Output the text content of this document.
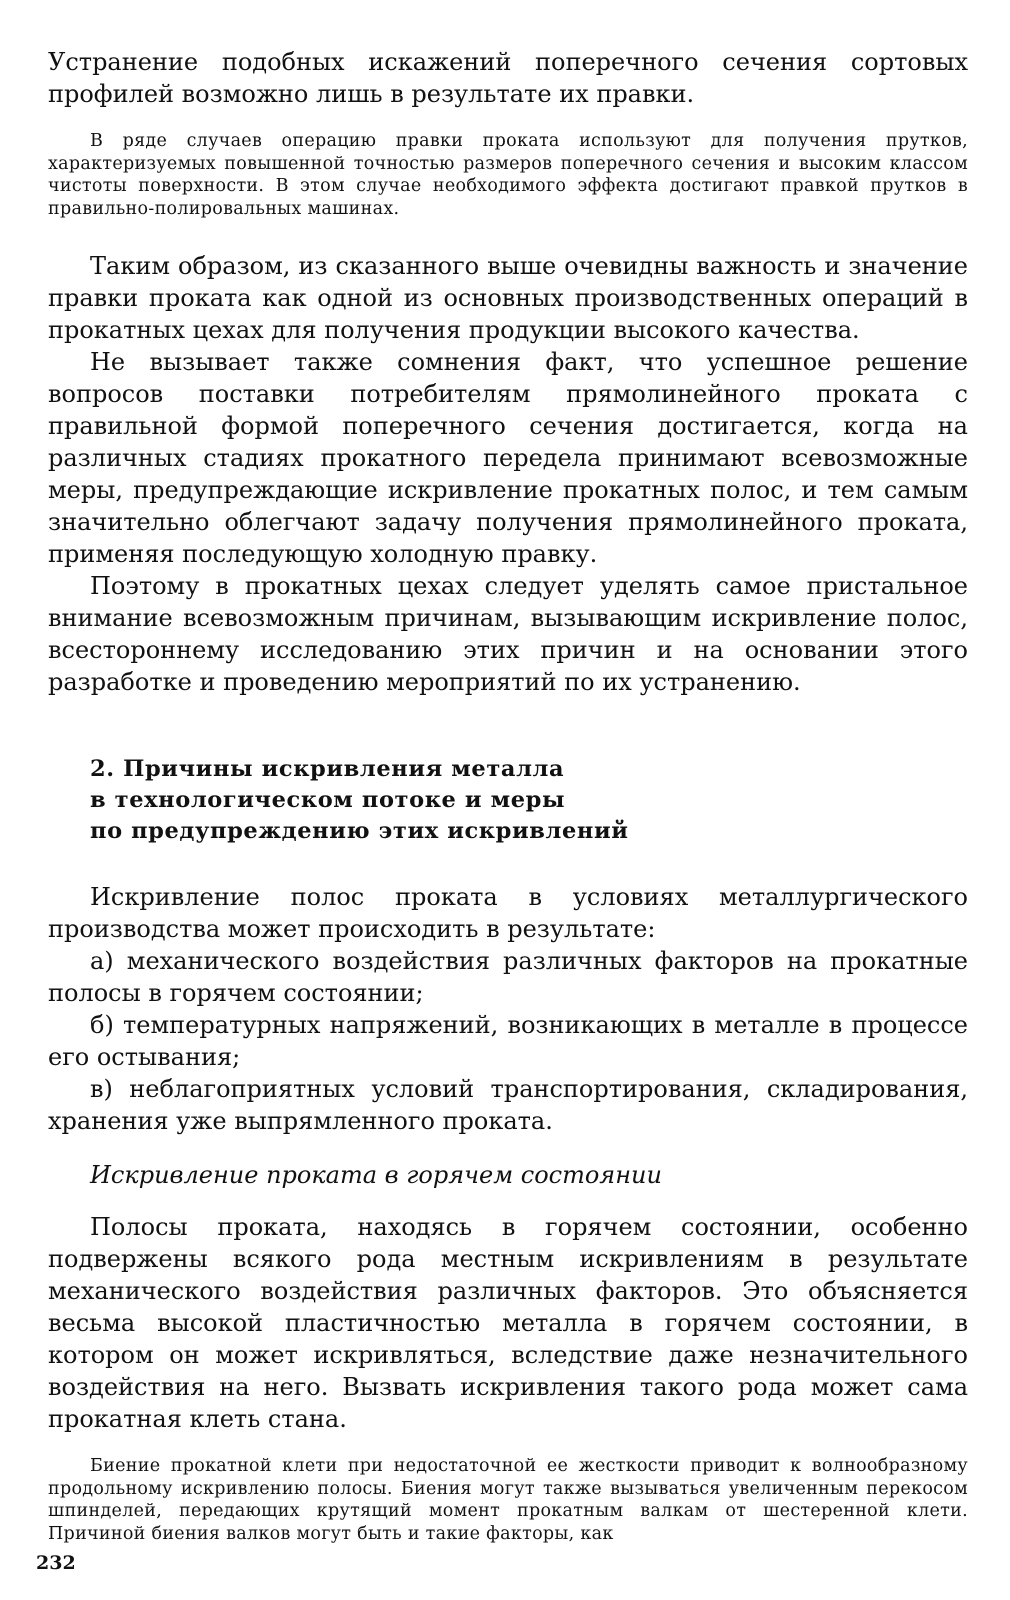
Устранение подобных искажений поперечного сечения сортовых профилей возможно лишь в результате их правки.

В ряде случаев операцию правки проката используют для получения прутков, характеризуемых повышенной точностью размеров поперечного сечения и высоким классом чистоты поверхности. В этом случае необходимого эффекта достигают правкой прутков в правильно-полировальных машинах.

Таким образом, из сказанного выше очевидны важность и значение правки проката как одной из основных производственных операций в прокатных цехах для получения продукции высокого качества.

Не вызывает также сомнения факт, что успешное решение вопросов поставки потребителям прямолинейного проката с правильной формой поперечного сечения достигается, когда на различных стадиях прокатного передела принимают всевозможные меры, предупреждающие искривление прокатных полос, и тем самым значительно облегчают задачу получения прямолинейного проката, применяя последующую холодную правку.

Поэтому в прокатных цехах следует уделять самое пристальное внимание всевозможным причинам, вызывающим искривление полос, всестороннему исследованию этих причин и на основании этого разработке и проведению мероприятий по их устранению.

2. Причины искривления металла
в технологическом потоке и меры
по предупреждению этих искривлений

Искривление полос проката в условиях металлургического производства может происходить в результате:

а) механического воздействия различных факторов на прокатные полосы в горячем состоянии;

б) температурных напряжений, возникающих в металле в процессе его остывания;

в) неблагоприятных условий транспортирования, складирования, хранения уже выпрямленного проката.

Искривление проката в горячем состоянии

Полосы проката, находясь в горячем состоянии, особенно подвержены всякого рода местным искривлениям в результате механического воздействия различных факторов. Это объясняется весьма высокой пластичностью металла в горячем состоянии, в котором он может искривляться, вследствие даже незначительного воздействия на него. Вызвать искривления такого рода может сама прокатная клеть стана.

Биение прокатной клети при недостаточной ее жесткости приводит к волнообразному продольному искривлению полосы. Биения могут также вызываться увеличенным перекосом шпинделей, передающих крутящий момент прокатным валкам от шестеренной клети. Причиной биения валков могут быть и такие факторы, как

232
